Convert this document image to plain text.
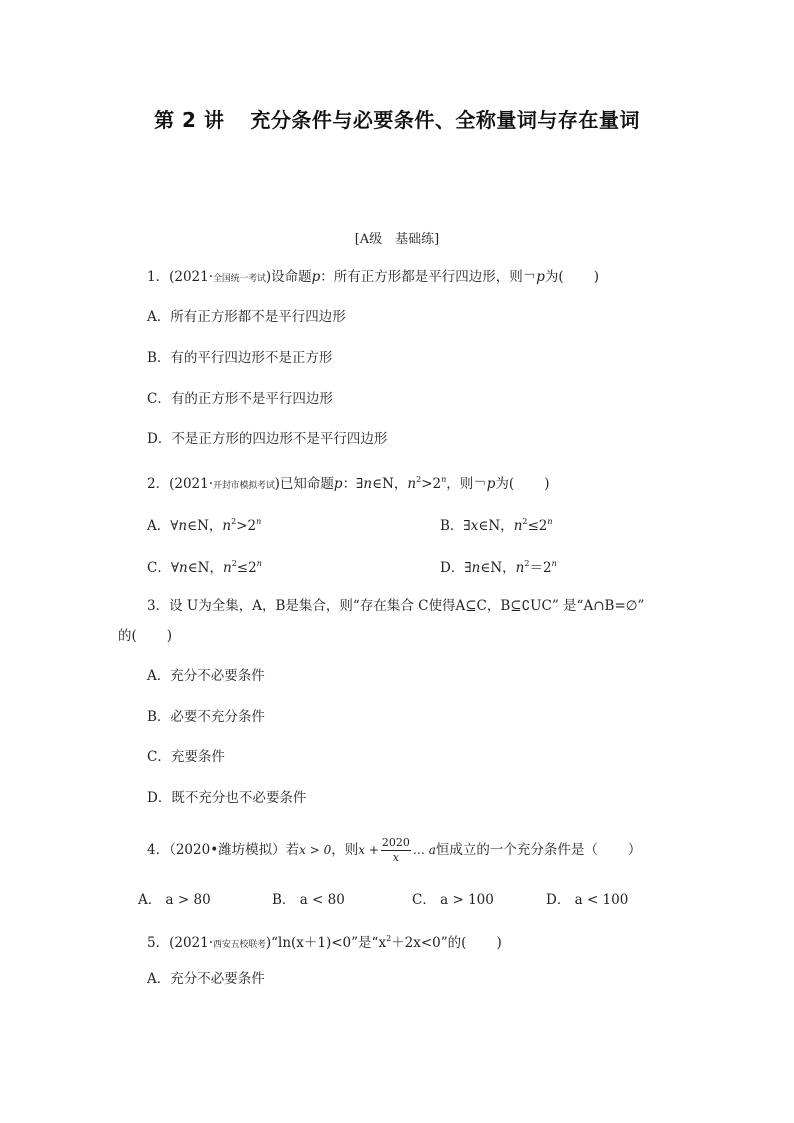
第 2 讲 充分条件与必要条件、全称量词与存在量词
[A级　基础练]
1．(2021·全国统一考试)设命题p：所有正方形都是平行四边形，则￢p为( )
A．所有正方形都不是平行四边形
B．有的平行四边形不是正方形
C．有的正方形不是平行四边形
D．不是正方形的四边形不是平行四边形
2．(2021·开封市模拟考试)已知命题p：∃n∈N，$n^2>2^n$，则￢p为( )
A．∀n∈N，$n^2>2^n$	B．∃x∈N，$n^2\le 2^n$
C．∀n∈N，$n^2\le 2^n$	D．∃n∈N，$n^2=2^n$
3．设 U为全集，A，B是集合，则“存在集合 C使得A⊆C，B⊆∁UC” 是“A∩B=∅”
的( )
A．充分不必要条件
B．必要不充分条件
C．充要条件
D．既不充分也不必要条件
4．（2020•潍坊模拟）若x > 0，则$x + \frac{2020}{x}$ … a恒成立的一个充分条件是（ ）
A． a > 80	B． a < 80	C． a > 100	D． a < 100
5．(2021·西安五校联考)“ln(x＋1)<0”是“$x^2+2x<0$”的( )
A．充分不必要条件
